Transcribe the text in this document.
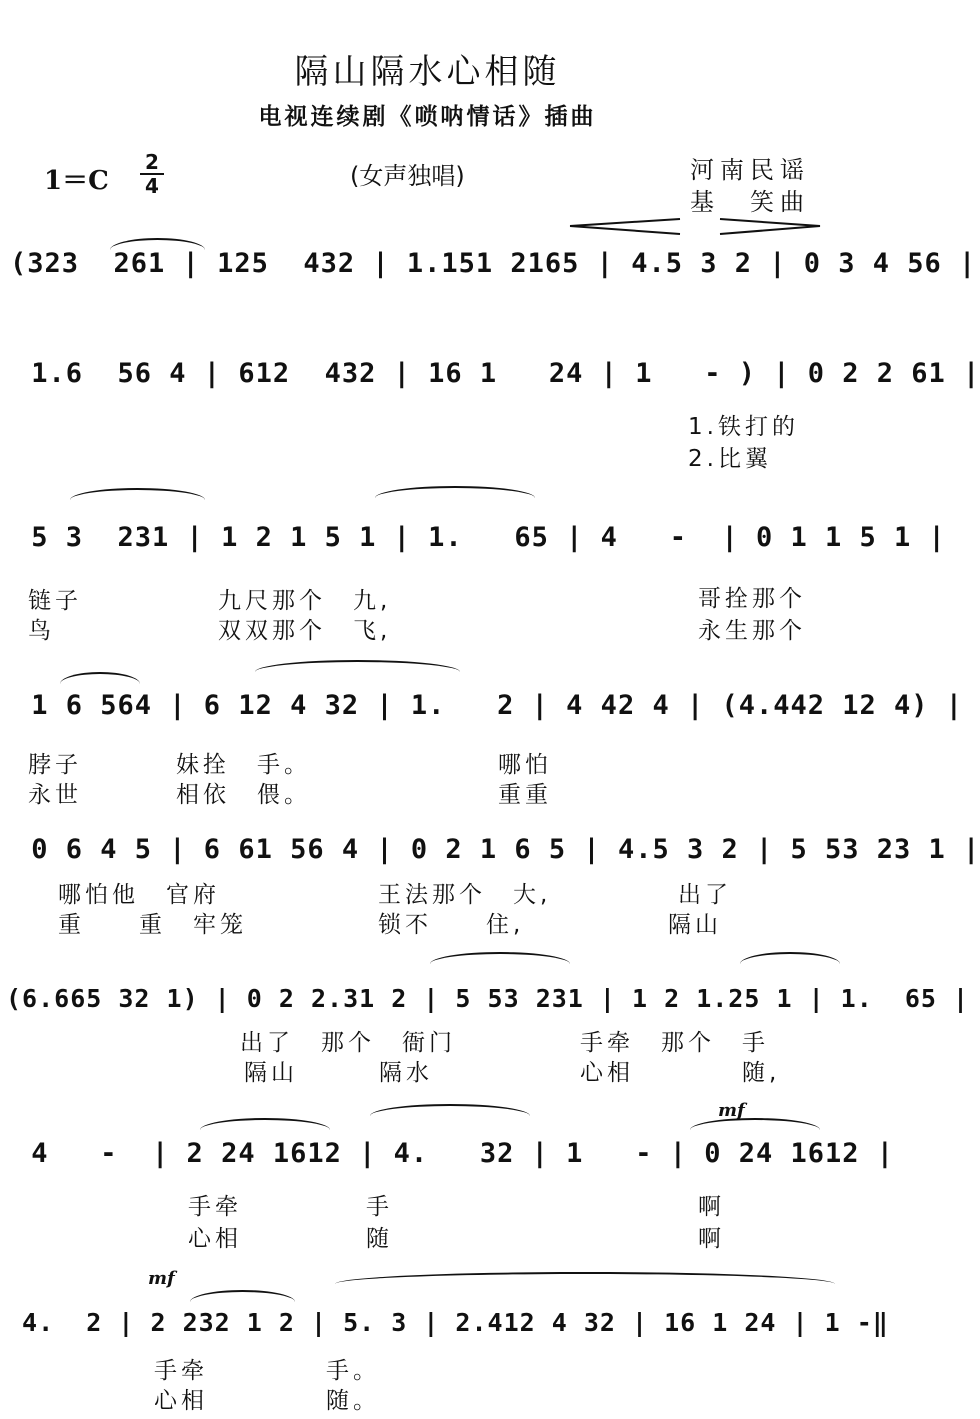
隔山隔水心相随
电视连续剧《唢呐情话》插曲
1＝C
2
4	(女声独唱)	河南民谣
基　笑曲
(323  261 | 125  432 | 1.151 2165 | 4.5 3 2 | 0 3 4 56 |
1.6  56 4 | 612  432 | 16 1   24 | 1   - ) | 0 2 2 61 |
1.铁打的
2.比翼
5 3  231 | 1 2 1 5 1 | 1.   65 | 4   -  | 0 1 1 5 1 |
链子	九尺那个　九,	哥拴那个
鸟	双双那个　飞,	永生那个
1 6 564 | 6 12 4 32 | 1.   2 | 4 42 4 | (4.442 12 4) |
脖子	妹拴　手。	哪怕
永世	相依　偎。	重重
0 6 4 5 | 6 61 56 4 | 0 2 1 6 5 | 4.5 3 2 | 5 53 23 1 |
哪怕他　官府	王法那个　大,	出了
重　　重　牢笼	锁不　　住,	隔山
(6.665 32 1) | 0 2 2.31 2 | 5 53 231 | 1 2 1.25 1 | 1.  65 |
出了　那个　衙门	手牵　那个　手
隔山　　　隔水	心相　　　　随,
mf
4   -  | 2 24 1612 | 4.   32 | 1   - | 0 24 1612 |
手牵	手	啊
心相	随	啊
mf
4.  2 | 2 232 1 2 | 5. 3 | 2.412 4 32 | 16 1 24 | 1 -‖
手牵	手。
心相	随。
